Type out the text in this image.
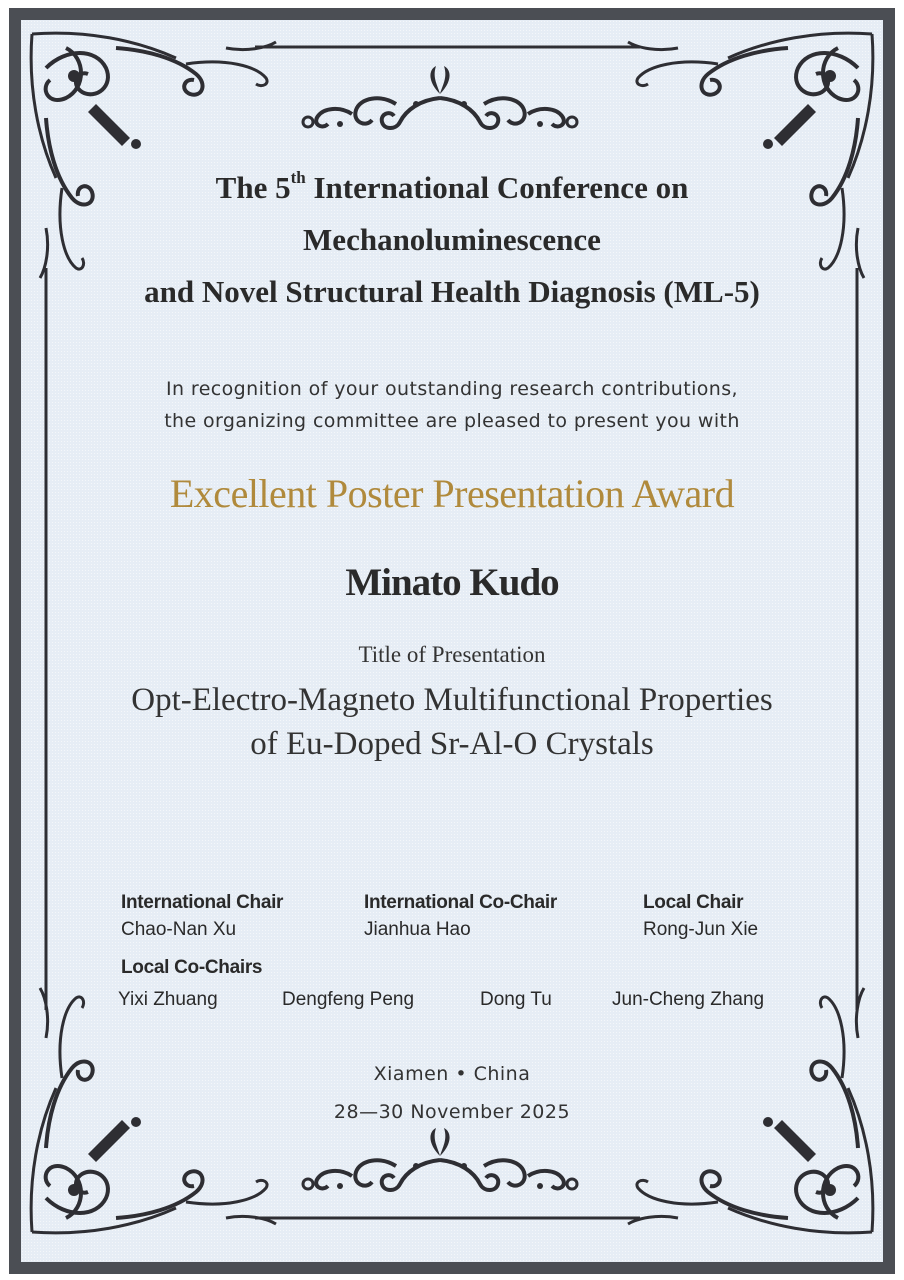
The 5th International Conference on
Mechanoluminescence
and Novel Structural Health Diagnosis (ML-5)
In recognition of your outstanding research contributions,
the organizing committee are pleased to present you with
Excellent Poster Presentation Award
Minato Kudo
Title of Presentation
Opt-Electro-Magneto Multifunctional Properties
of Eu-Doped Sr-Al-O Crystals
International Chair
Chao-Nan Xu
International Co-Chair
Jianhua Hao
Local Chair
Rong-Jun Xie
Local Co-Chairs
Yixi Zhuang	Dengfeng Peng	Dong Tu	Jun-Cheng Zhang
Xiamen • China
28—30 November 2025
